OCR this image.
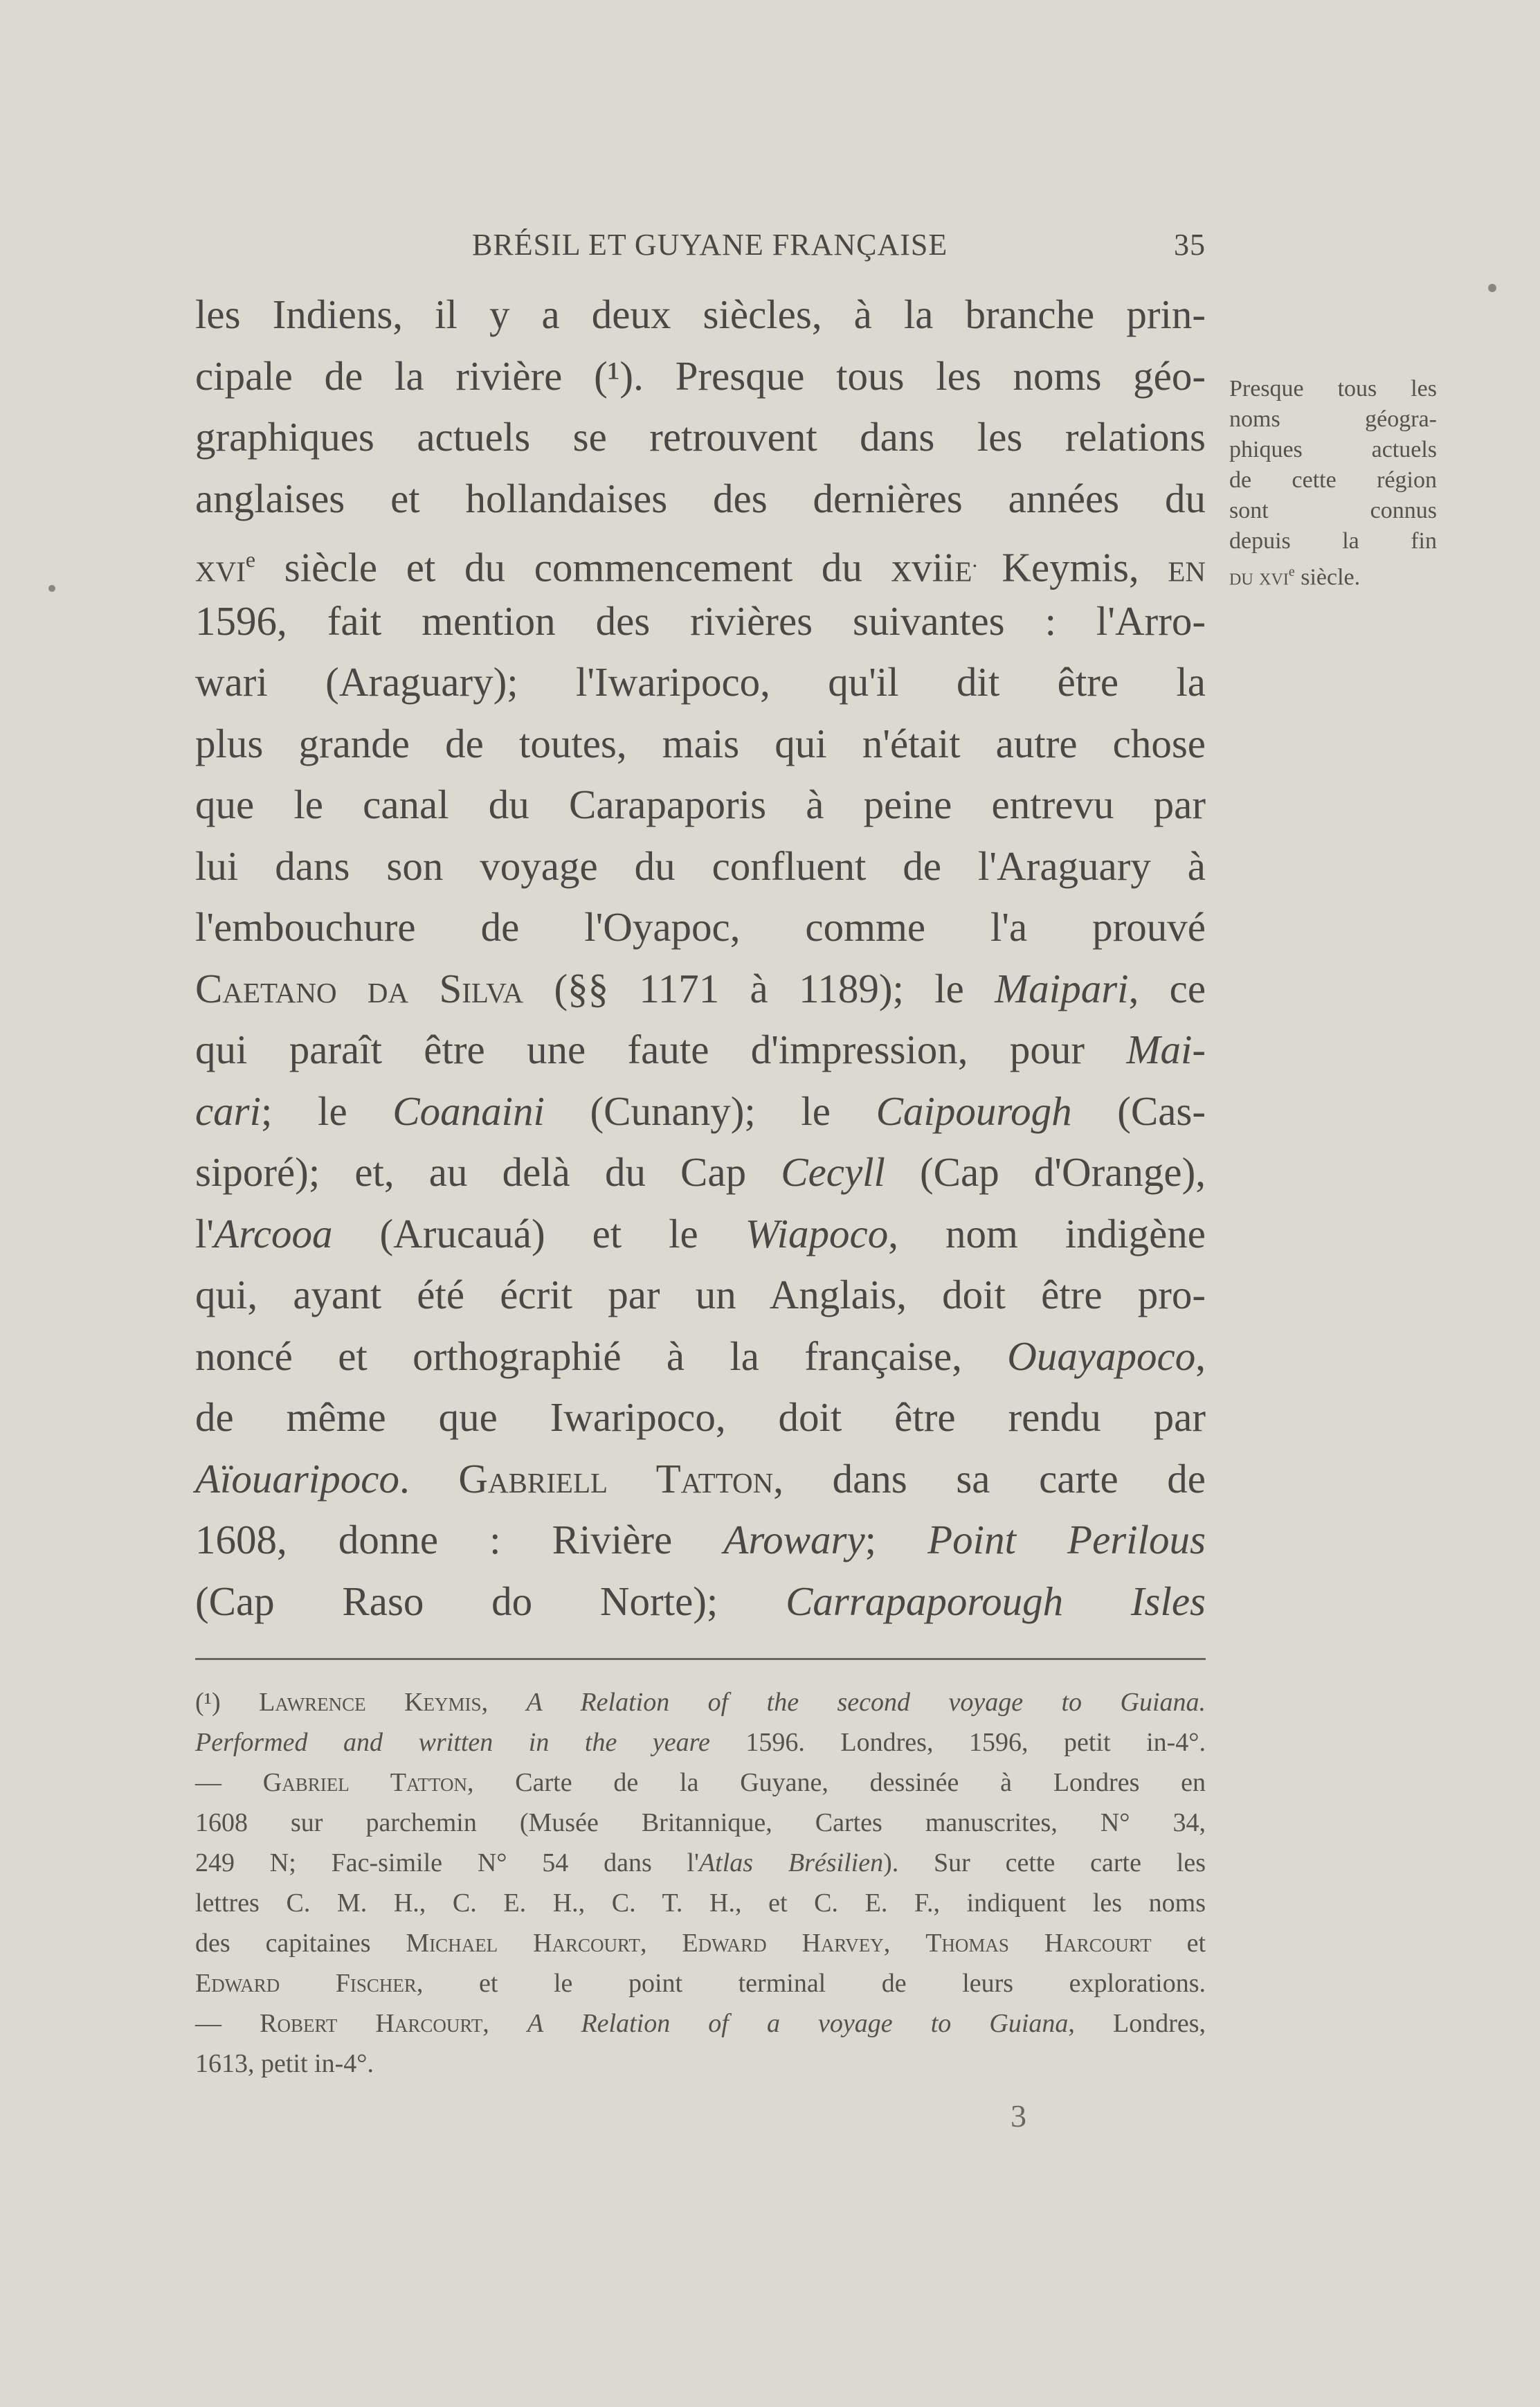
BRÉSIL ET GUYANE FRANÇAISE	35
les Indiens, il y a deux siècles, à la branche prin-
cipale de la rivière (¹). Presque tous les noms géo-
graphiques actuels se retrouvent dans les relations
anglaises et hollandaises des dernières années du
xvi$^e$ siècle et du commencement du xviie. Keymis, en
1596, fait mention des rivières suivantes : l'Arro-
wari (Araguary); l'Iwaripoco, qu'il dit être la
plus grande de toutes, mais qui n'était autre chose
que le canal du Carapaporis à peine entrevu par
lui dans son voyage du confluent de l'Araguary à
l'embouchure de l'Oyapoc, comme l'a prouvé
Caetano da Silva (§§ 1171 à 1189); le Maipari, ce
qui paraît être une faute d'impression, pour Mai-
cari; le Coanaini (Cunany); le Caipourogh (Cas-
siporé); et, au delà du Cap Cecyll (Cap d'Orange),
l'Arcooa (Arucauá) et le Wiapoco, nom indigène
qui, ayant été écrit par un Anglais, doit être pro-
noncé et orthographié à la française, Ouayapoco,
de même que Iwaripoco, doit être rendu par
Aïouaripoco. Gabriell Tatton, dans sa carte de
1608, donne : Rivière Arowary; Point Perilous
(Cap Raso do Norte); Carrapaporough Isles
Presque tous les
noms géogra-
phiques actuels
de cette région
sont connus
depuis la fin
du xvi$^e$ siècle.
(¹) Lawrence Keymis, A Relation of the second voyage to Guiana.
Performed and written in the yeare 1596. Londres, 1596, petit in-4°.
— Gabriel Tatton, Carte de la Guyane, dessinée à Londres en
1608 sur parchemin (Musée Britannique, Cartes manuscrites, N° 34,
249 N; Fac-simile N° 54 dans l'Atlas Brésilien). Sur cette carte les
lettres C. M. H., C. E. H., C. T. H., et C. E. F., indiquent les noms
des capitaines Michael Harcourt, Edward Harvey, Thomas Harcourt et
Edward Fischer, et le point terminal de leurs explorations.
— Robert Harcourt, A Relation of a voyage to Guiana, Londres,
1613, petit in-4°.
3
